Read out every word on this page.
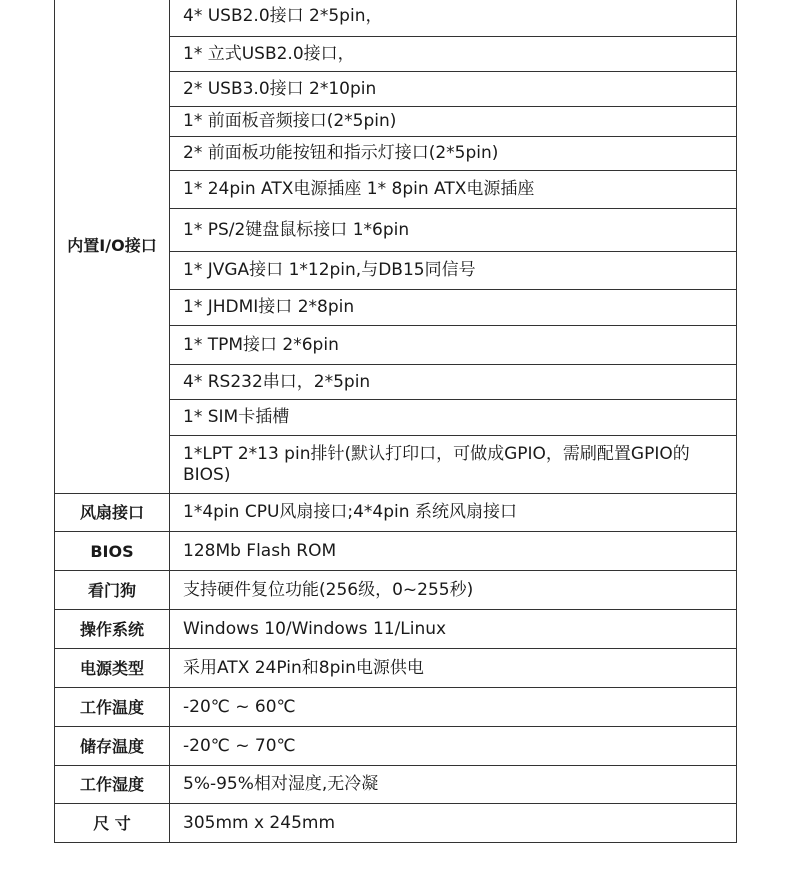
内置I/O接口	4* USB2.0接口 2*5pin，
	1* 立式USB2.0接口，
	2* USB3.0接口 2*10pin
	1* 前面板音频接口(2*5pin)
	2* 前面板功能按钮和指示灯接口(2*5pin)
	1* 24pin ATX电源插座 1* 8pin ATX电源插座
	1* PS/2键盘鼠标接口 1*6pin
	1* JVGA接口 1*12pin,与DB15同信号
	1* JHDMI接口 2*8pin
	1* TPM接口 2*6pin
	4* RS232串口，2*5pin
	1* SIM卡插槽
	1*LPT 2*13 pin排针(默认打印口，可做成GPIO，需刷配置GPIO的BIOS)
风扇接口	1*4pin CPU风扇接口;4*4pin 系统风扇接口
BIOS	128Mb Flash ROM
看门狗	支持硬件复位功能(256级，0~255秒)
操作系统	Windows 10/Windows 11/Linux
电源类型	采用ATX 24Pin和8pin电源供电
工作温度	-20℃ ~ 60℃
储存温度	-20℃ ~ 70℃
工作湿度	5%-95%相对湿度,无冷凝
尺 寸	305mm x 245mm
